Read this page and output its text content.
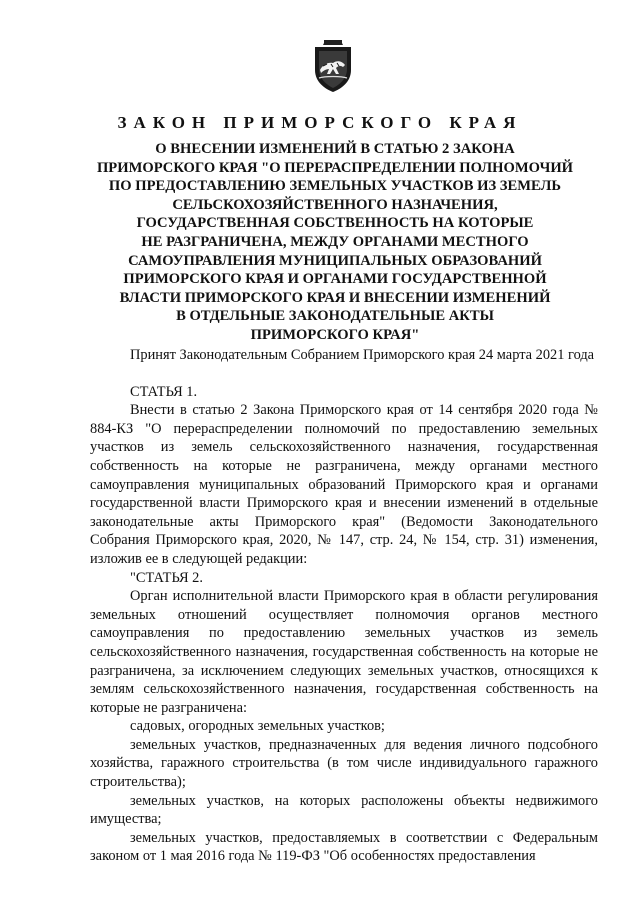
ЗАКОН ПРИМОРСКОГО КРАЯ
О ВНЕСЕНИИ ИЗМЕНЕНИЙ В СТАТЬЮ 2 ЗАКОНА
ПРИМОРСКОГО КРАЯ "О ПЕРЕРАСПРЕДЕЛЕНИИ ПОЛНОМОЧИЙ
ПО ПРЕДОСТАВЛЕНИЮ ЗЕМЕЛЬНЫХ УЧАСТКОВ ИЗ ЗЕМЕЛЬ
СЕЛЬСКОХОЗЯЙСТВЕННОГО НАЗНАЧЕНИЯ,
ГОСУДАРСТВЕННАЯ СОБСТВЕННОСТЬ НА КОТОРЫЕ
НЕ РАЗГРАНИЧЕНА, МЕЖДУ ОРГАНАМИ МЕСТНОГО
САМОУПРАВЛЕНИЯ МУНИЦИПАЛЬНЫХ ОБРАЗОВАНИЙ
ПРИМОРСКОГО КРАЯ И ОРГАНАМИ ГОСУДАРСТВЕННОЙ
ВЛАСТИ ПРИМОРСКОГО КРАЯ И ВНЕСЕНИИ ИЗМЕНЕНИЙ
В ОТДЕЛЬНЫЕ ЗАКОНОДАТЕЛЬНЫЕ АКТЫ
ПРИМОРСКОГО КРАЯ"

Принят Законодательным Собранием Приморского края 24 марта 2021 года

СТАТЬЯ 1.

Внести в статью 2 Закона Приморского края от 14 сентября 2020 года № 884-КЗ "О перераспределении полномочий по предоставлению земельных участков из земель сельскохозяйственного назначения, государственная собственность на которые не разграничена, между органами местного самоуправления муниципальных образований Приморского края и органами государственной власти Приморского края и внесении изменений в отдельные законодательные акты Приморского края" (Ведомости Законодательного Собрания Приморского края, 2020, № 147, стр. 24, № 154, стр. 31) изменения, изложив ее в следующей редакции:

"СТАТЬЯ 2.

Орган исполнительной власти Приморского края в области регулирования земельных отношений осуществляет полномочия органов местного самоуправления по предоставлению земельных участков из земель сельскохозяйственного назначения, государственная собственность на которые не разграничена, за исключением следующих земельных участков, относящихся к землям сельскохозяйственного назначения, государственная собственность на которые не разграничена:

садовых, огородных земельных участков;

земельных участков, предназначенных для ведения личного подсобного хозяйства, гаражного строительства (в том числе индивидуального гаражного строительства);

земельных участков, на которых расположены объекты недвижимого имущества;

земельных участков, предоставляемых в соответствии с Федеральным законом от 1 мая 2016 года № 119-ФЗ "Об особенностях предоставления
